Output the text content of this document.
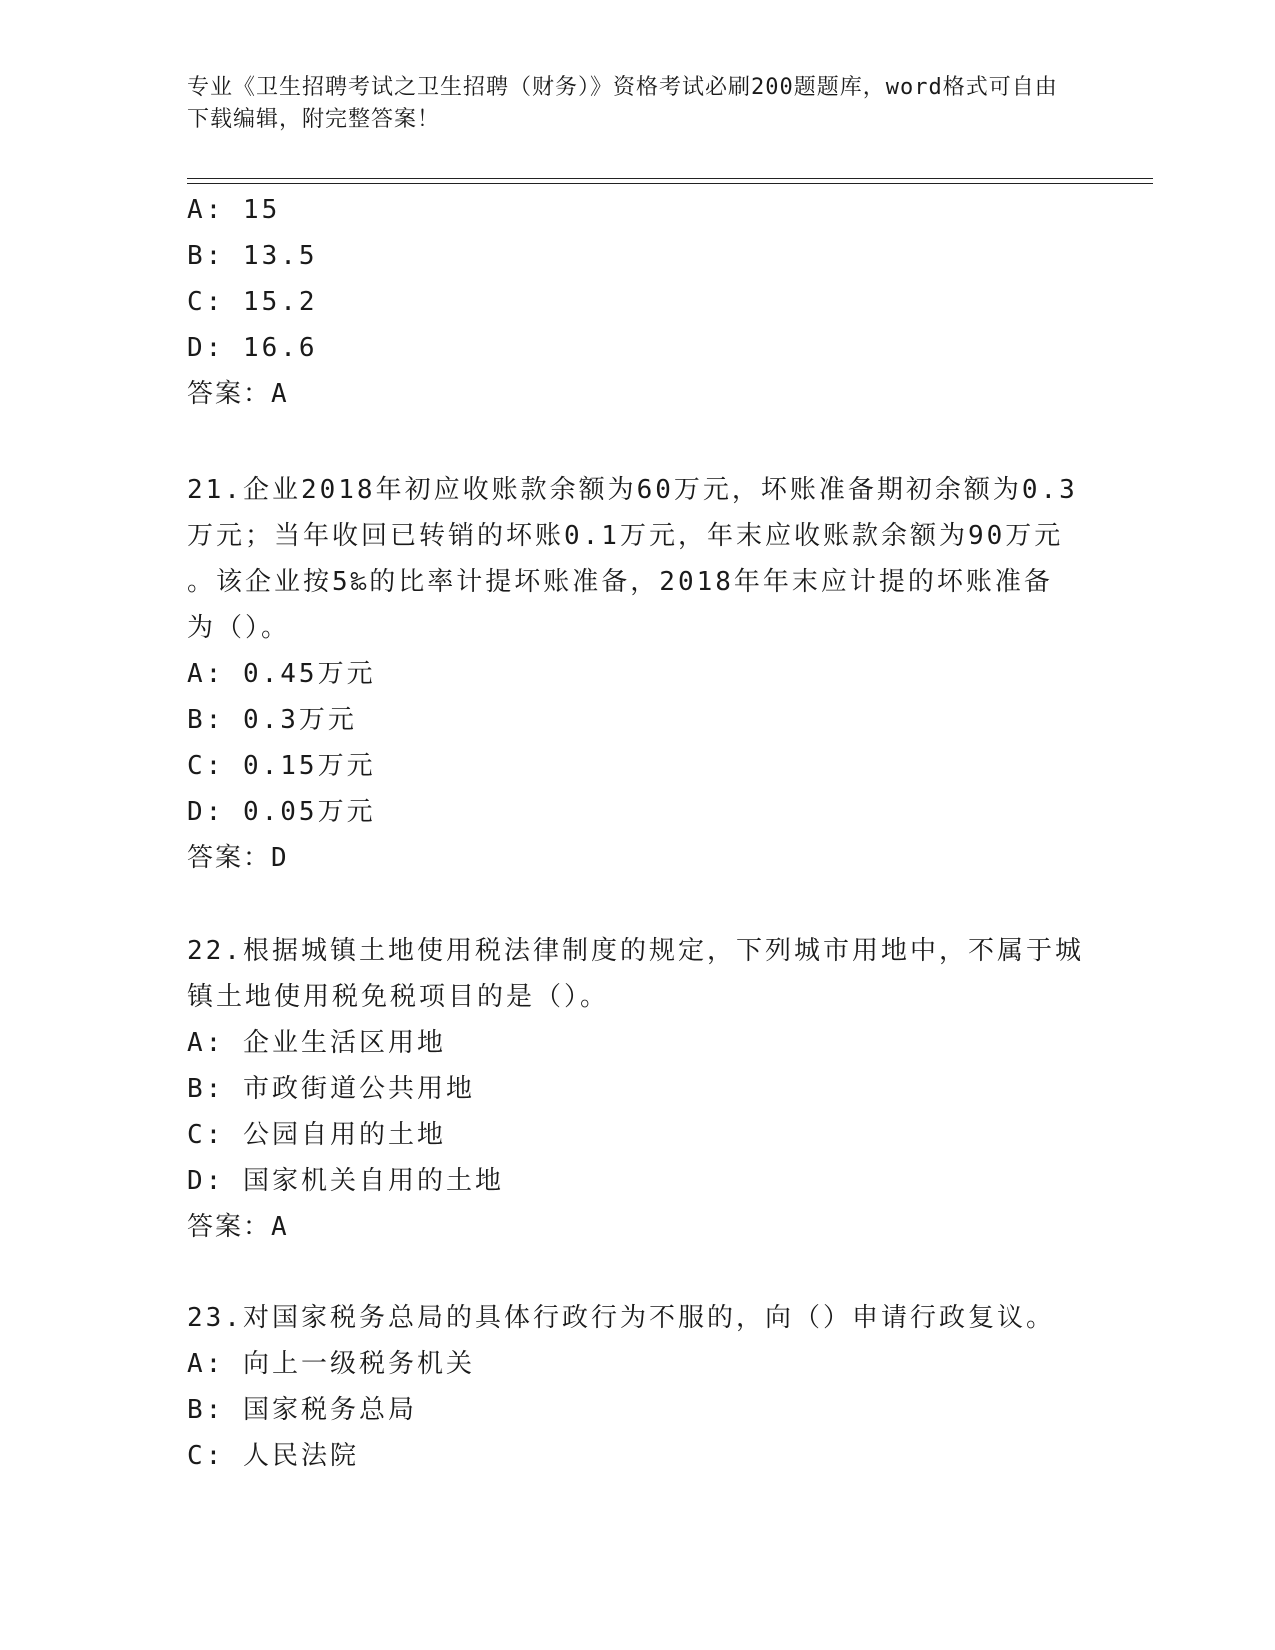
专业《卫生招聘考试之卫生招聘（财务）》资格考试必刷200题题库，word格式可自由下载编辑，附完整答案！
A: 15
B: 13.5
C: 15.2
D: 16.6
答案：A
21.企业2018年初应收账款余额为60万元，坏账准备期初余额为0.3
万元；当年收回已转销的坏账0.1万元，年末应收账款余额为90万元
。该企业按5‰的比率计提坏账准备，2018年年末应计提的坏账准备
为（）。
A: 0.45万元
B: 0.3万元
C: 0.15万元
D: 0.05万元
答案：D
22.根据城镇土地使用税法律制度的规定，下列城市用地中，不属于城
镇土地使用税免税项目的是（）。
A: 企业生活区用地
B: 市政街道公共用地
C: 公园自用的土地
D: 国家机关自用的土地
答案：A
23.对国家税务总局的具体行政行为不服的，向（）申请行政复议。
A: 向上一级税务机关
B: 国家税务总局
C: 人民法院
